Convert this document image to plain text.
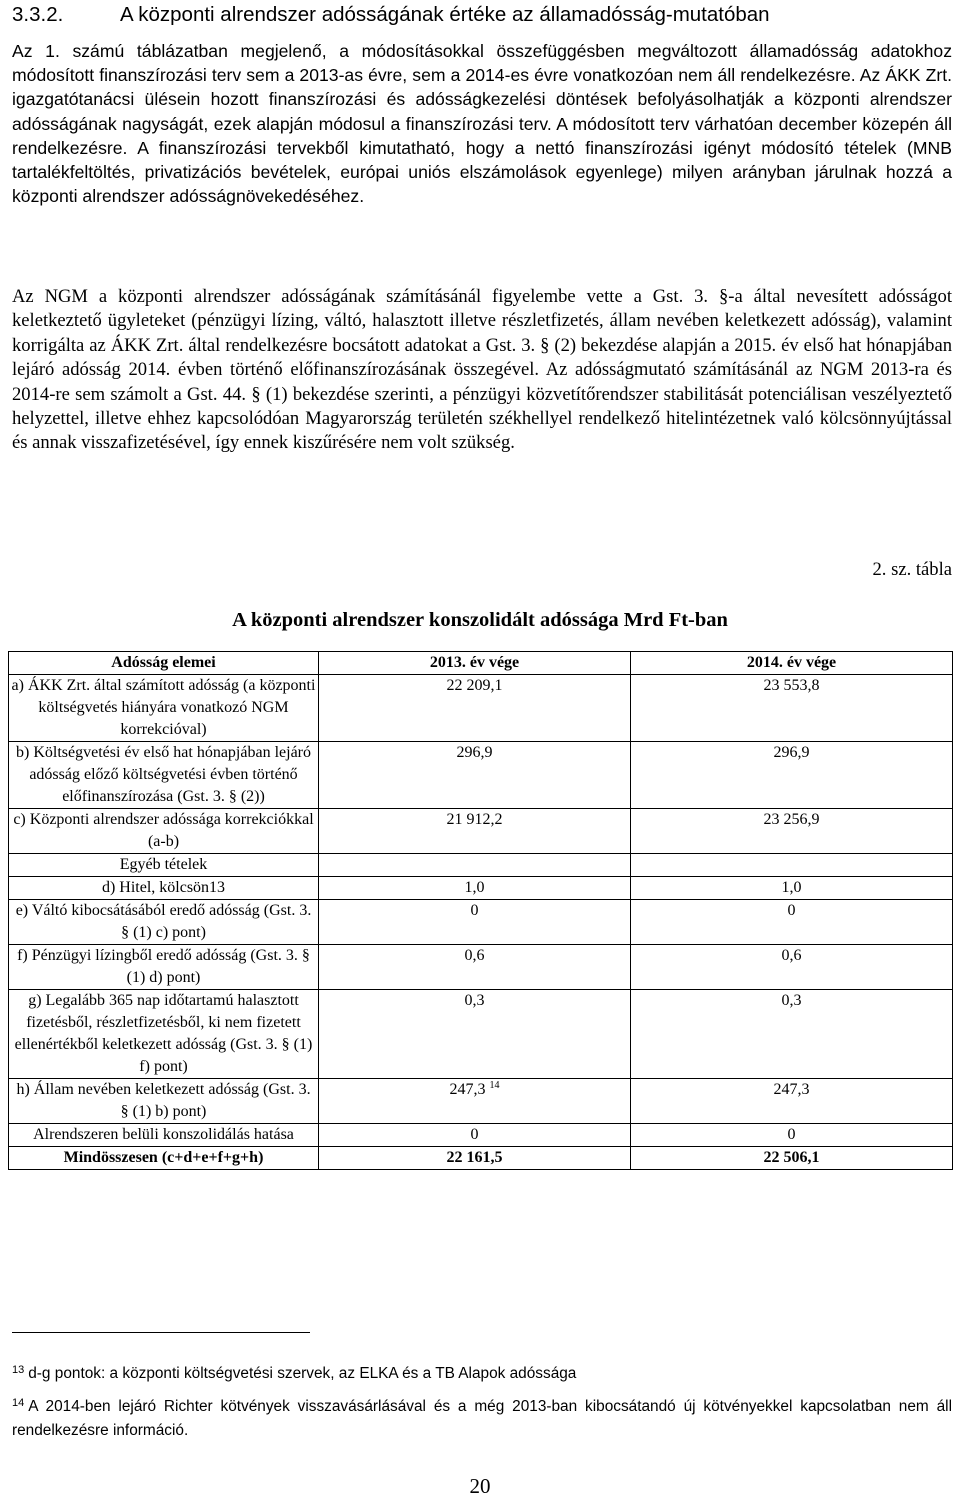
3.3.2.	A központi alrendszer adósságának értéke az államadósság-mutatóban

Az 1. számú táblázatban megjelenő, a módosításokkal összefüggésben megváltozott államadósság adatokhoz módosított finanszírozási terv sem a 2013-as évre, sem a 2014-es évre vonatkozóan nem áll rendelkezésre. Az ÁKK Zrt. igazgatótanácsi ülésein hozott finanszírozási és adósságkezelési döntések befolyásolhatják a központi alrendszer adósságának nagyságát, ezek alapján módosul a finanszírozási terv. A módosított terv várhatóan december közepén áll rendelkezésre. A finanszírozási tervekből kimutatható, hogy a nettó finanszírozási igényt módosító tételek (MNB tartalékfeltöltés, privatizációs bevételek, európai uniós elszámolások egyenlege) milyen arányban járulnak hozzá a központi alrendszer adósságnövekedéséhez.

Az NGM a központi alrendszer adósságának számításánál figyelembe vette a Gst. 3. §-a által nevesített adósságot keletkeztető ügyleteket (pénzügyi lízing, váltó, halasztott illetve részletfizetés, állam nevében keletkezett adósság), valamint korrigálta az ÁKK Zrt. által rendelkezésre bocsátott adatokat a Gst. 3. § (2) bekezdése alapján a 2015. év első hat hónapjában lejáró adósság 2014. évben történő előfinanszírozásának összegével. Az adósságmutató számításánál az NGM 2013-ra és 2014-re sem számolt a Gst. 44. § (1) bekezdése szerinti, a pénzügyi közvetítőrendszer stabilitását potenciálisan veszélyeztető helyzettel, illetve ehhez kapcsolódóan Magyarország területén székhellyel rendelkező hitelintézetnek való kölcsönnyújtással és annak visszafizetésével, így ennek kiszűrésére nem volt szükség.

2. sz. tábla
A központi alrendszer konszolidált adóssága Mrd Ft-ban
Adósság elemei	2013. év vége	2014. év vége
a) ÁKK Zrt. által számított adósság (a központi költségvetés hiányára vonatkozó NGM korrekcióval)	22 209,1	23 553,8
b) Költségvetési év első hat hónapjában lejáró adósság előző költségvetési évben történő előfinanszírozása (Gst. 3. § (2))	296,9	296,9
c) Központi alrendszer adóssága korrekciókkal (a-b)	21 912,2	23 256,9
Egyéb tételek		
d) Hitel, kölcsön13	1,0	1,0
e) Váltó kibocsátásából eredő adósság (Gst. 3. § (1) c) pont)	0	0
f) Pénzügyi lízingből eredő adósság (Gst. 3. § (1) d) pont)	0,6	0,6
g) Legalább 365 nap időtartamú halasztott fizetésből, részletfizetésből, ki nem fizetett ellenértékből keletkezett adósság (Gst. 3. § (1) f) pont)	0,3	0,3
h) Állam nevében keletkezett adósság (Gst. 3. § (1) b) pont)	247,3 $^{14}$	247,3
Alrendszeren belüli konszolidálás hatása	0	0
Mindösszesen (c+d+e+f+g+h)	22 161,5	22 506,1

$^{13}$ d-g pontok: a központi költségvetési szervek, az ELKA és a TB Alapok adóssága

$^{14}$ A 2014-ben lejáró Richter kötvények visszavásárlásával és a még 2013-ban kibocsátandó új kötvényekkel kapcsolatban nem áll rendelkezésre információ.

20
